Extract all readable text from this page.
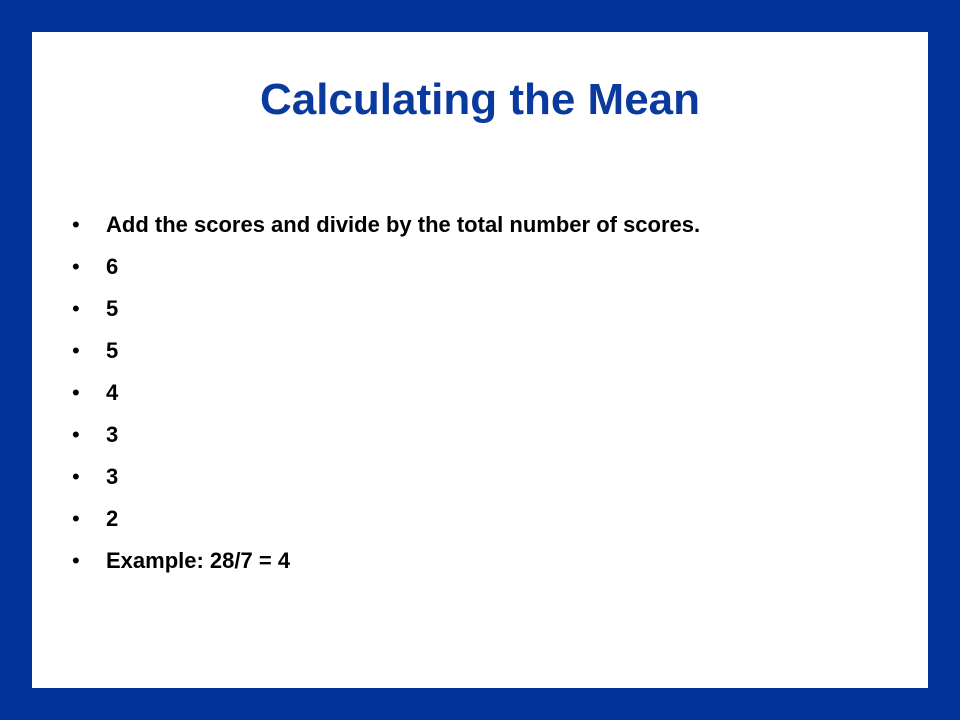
Calculating the Mean
•	Add the scores and divide by the total number of scores.
•	6
•	5
•	5
•	4
•	3
•	3
•	2
•	Example: 28/7 = 4
